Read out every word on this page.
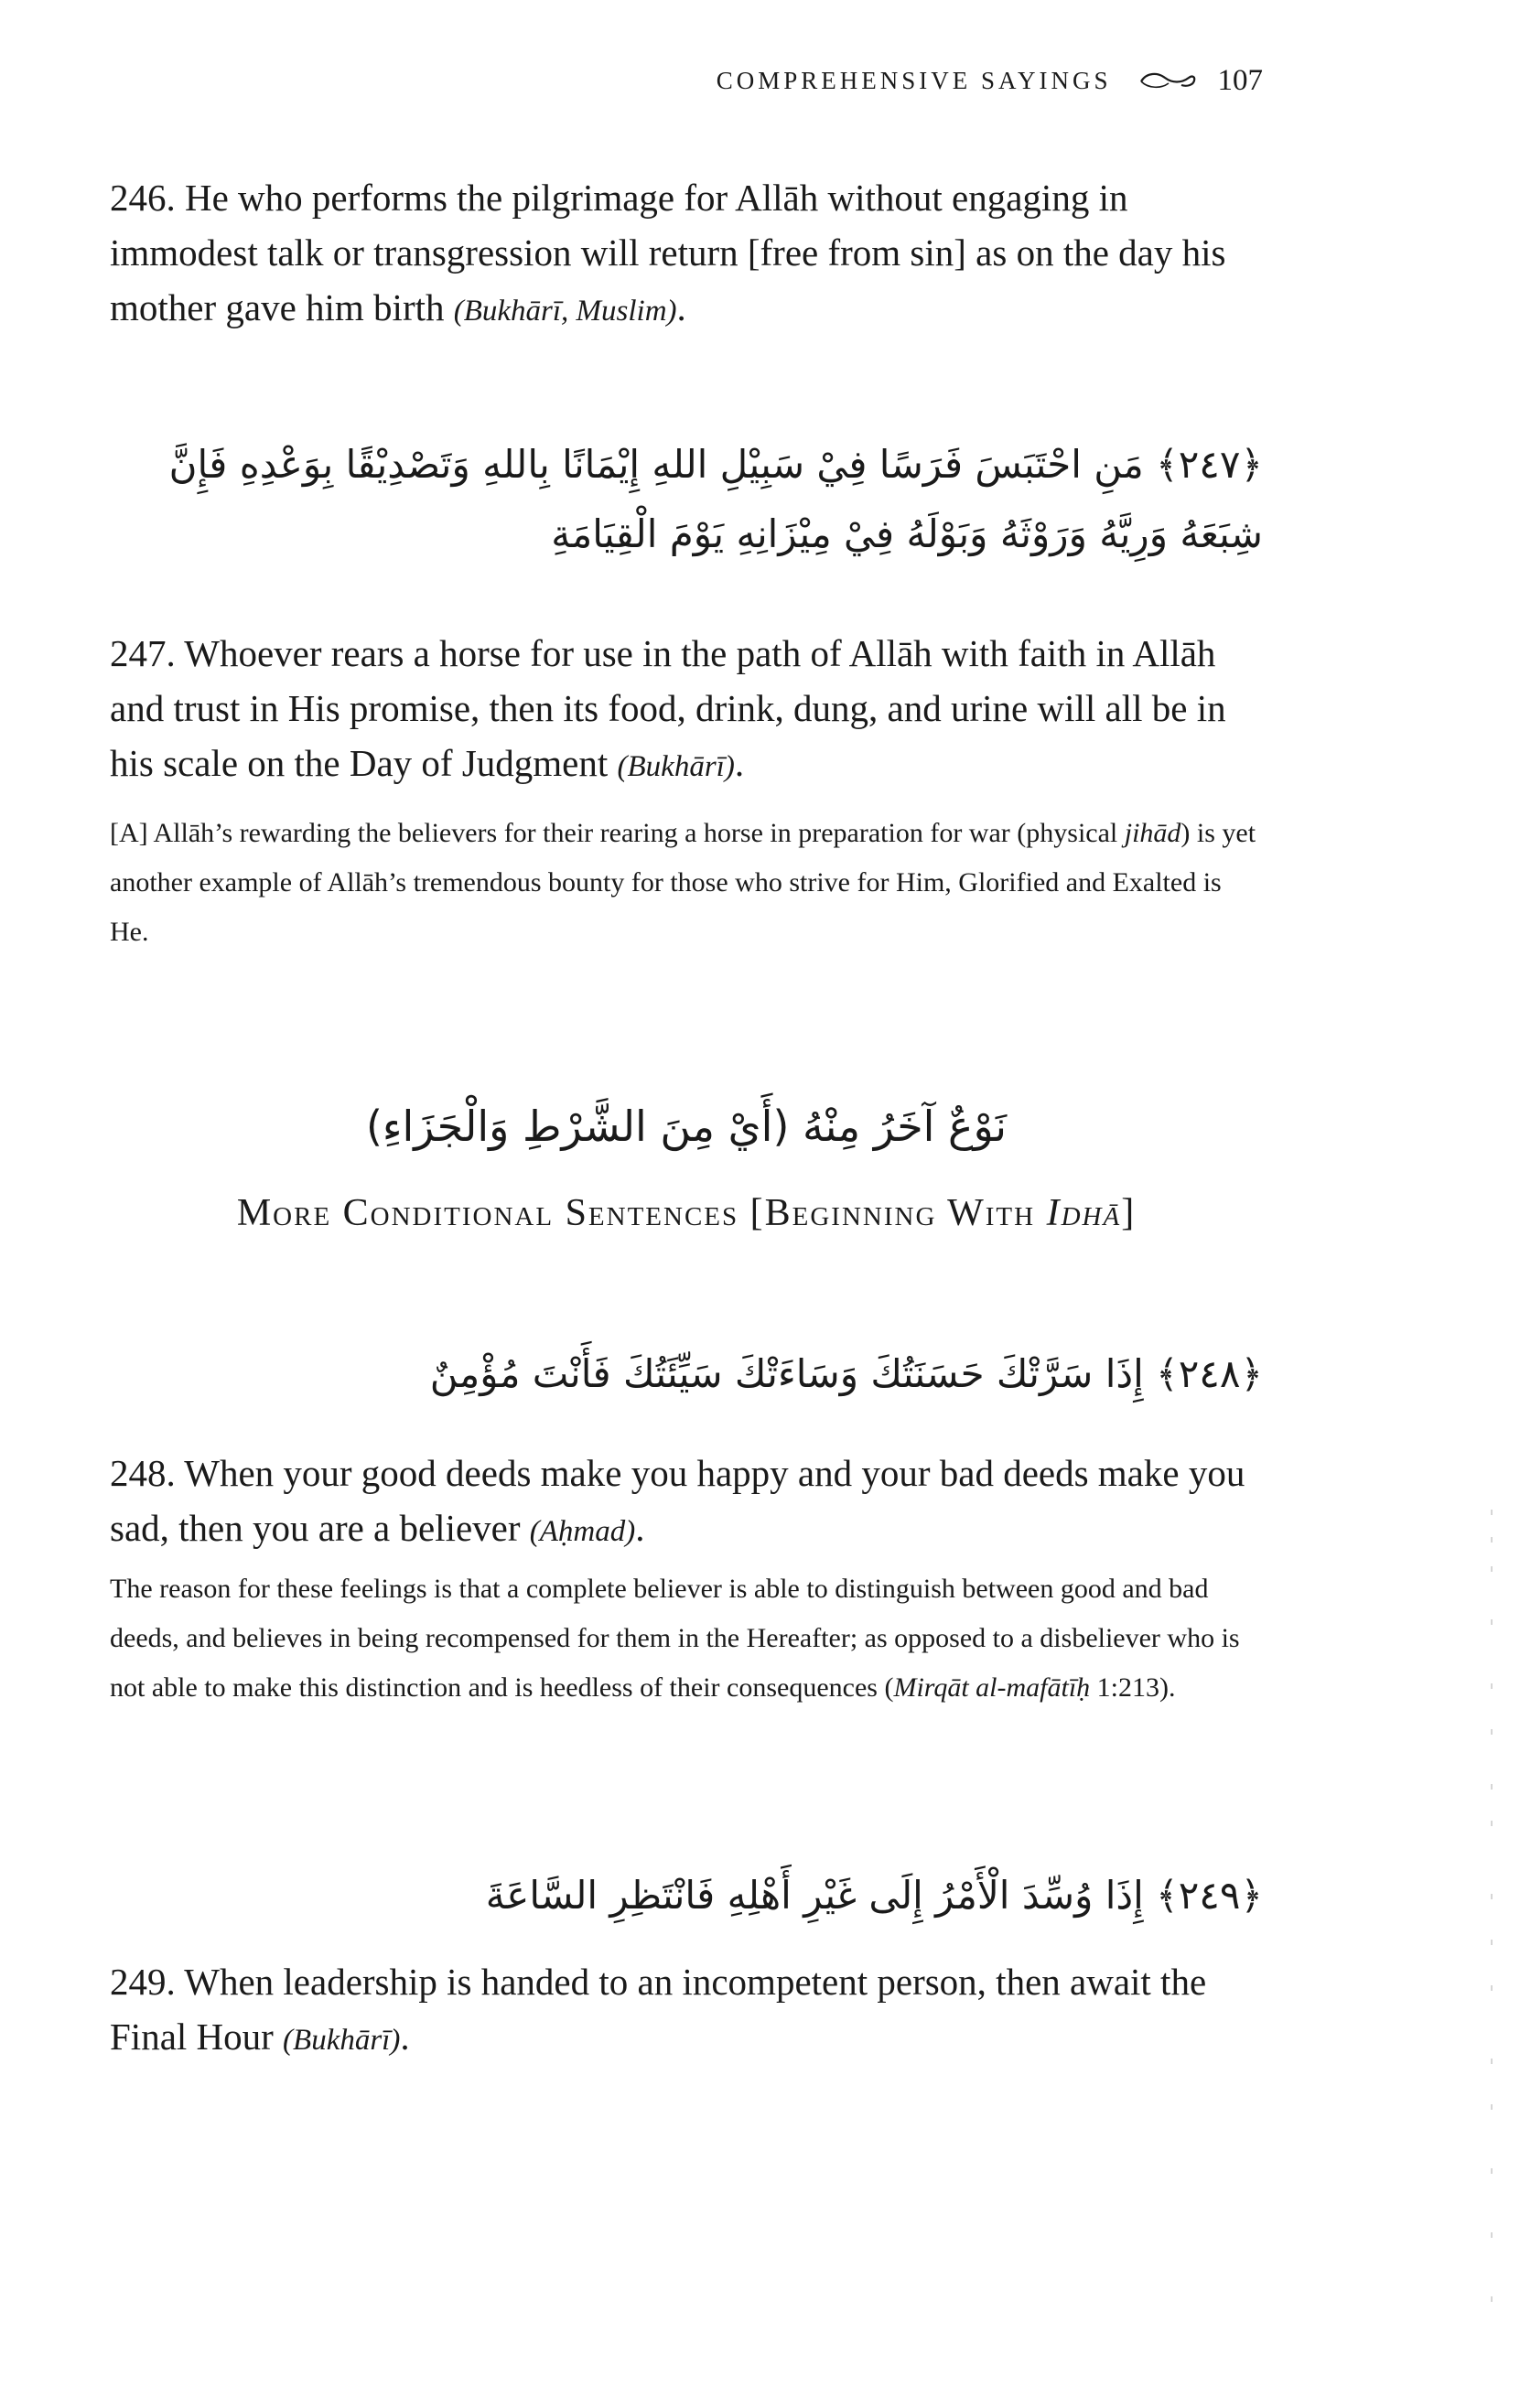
COMPREHENSIVE SAYINGS	107

246. He who performs the pilgrimage for Allāh without engaging in immodest talk or transgression will return [free from sin] as on the day his mother gave him birth (Bukhārī, Muslim).

﴿٢٤٧﴾ مَنِ احْتَبَسَ فَرَسًا فِيْ سَبِيْلِ اللهِ إِيْمَانًا بِاللهِ وَتَصْدِيْقًا بِوَعْدِهِ فَإِنَّ شِبَعَهُ وَرِيَّهُ وَرَوْثَهُ وَبَوْلَهُ فِيْ مِيْزَانِهِ يَوْمَ الْقِيَامَةِ

247. Whoever rears a horse for use in the path of Allāh with faith in Allāh and trust in His promise, then its food, drink, dung, and urine will all be in his scale on the Day of Judgment (Bukhārī).

[A] Allāh’s rewarding the believers for their rearing a horse in preparation for war (physical jihād) is yet another example of Allāh’s tremendous bounty for those who strive for Him, Glorified and Exalted is He.

نَوْعٌ آخَرُ مِنْهُ (أَيْ مِنَ الشَّرْطِ وَالْجَزَاءِ)

More Conditional Sentences [Beginning With Idhā]

﴿٢٤٨﴾ إِذَا سَرَّتْكَ حَسَنَتُكَ وَسَاءَتْكَ سَيِّئَتُكَ فَأَنْتَ مُؤْمِنٌ

248. When your good deeds make you happy and your bad deeds make you sad, then you are a believer (Aḥmad).

The reason for these feelings is that a complete believer is able to distinguish between good and bad deeds, and believes in being recompensed for them in the Hereafter; as opposed to a disbeliever who is not able to make this distinction and is heedless of their consequences (Mirqāt al-mafātīḥ 1:213).

﴿٢٤٩﴾ إِذَا وُسِّدَ الْأَمْرُ إِلَى غَيْرِ أَهْلِهِ فَانْتَظِرِ السَّاعَةَ

249. When leadership is handed to an incompetent person, then await the Final Hour (Bukhārī).
